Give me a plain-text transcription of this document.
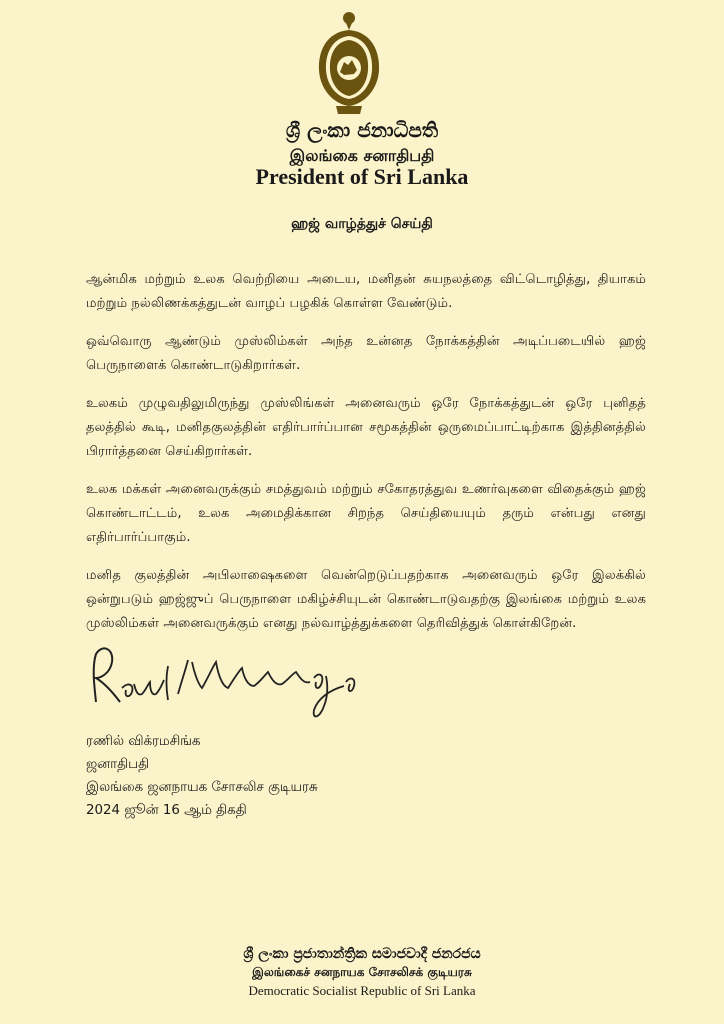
ශ්‍රී ලංකා ජනාධිපති
இலங்கை சனாதிபதி
President of Sri Lanka
ஹஜ் வாழ்த்துச் செய்தி

ஆன்மிக மற்றும் உலக வெற்றியை அடைய, மனிதன் சுயநலத்தை விட்டொழித்து, தியாகம் மற்றும் நல்லிணக்கத்துடன் வாழப் பழகிக் கொள்ள வேண்டும்.

ஒவ்வொரு ஆண்டும் முஸ்லிம்கள் அந்த உன்னத நோக்கத்தின் அடிப்படையில் ஹஜ் பெருநாளைக் கொண்டாடுகிறார்கள்.

உலகம் முழுவதிலுமிருந்து முஸ்லிங்கள் அனைவரும் ஒரே நோக்கத்துடன் ஒரே புனிதத் தலத்தில் கூடி, மனிதகுலத்தின் எதிர்பார்ப்பான சமூகத்தின் ஒருமைப்பாட்டிற்காக இத்தினத்தில் பிரார்த்தனை செய்கிறார்கள்.

உலக மக்கள் அனைவருக்கும் சமத்துவம் மற்றும் சகோதரத்துவ உணர்வுகளை விதைக்கும் ஹஜ் கொண்டாட்டம், உலக அமைதிக்கான சிறந்த செய்தியையும் தரும் என்பது எனது எதிர்பார்ப்பாகும்.

மனித குலத்தின் அபிலாஷைகளை வென்றெடுப்பதற்காக அனைவரும் ஒரே இலக்கில் ஒன்றுபடும் ஹஜ்ஜுப் பெருநாளை மகிழ்ச்சியுடன் கொண்டாடுவதற்கு இலங்கை மற்றும் உலக முஸ்லிம்கள் அனைவருக்கும் எனது நல்வாழ்த்துக்களை தெரிவித்துக் கொள்கிறேன்.

ரணில் விக்ரமசிங்க
ஜனாதிபதி
இலங்கை ஜனநாயக சோசலிச குடியரசு
2024 ஜூன் 16 ஆம் திகதி
ශ්‍රී ලංකා ප්‍රජාතාන්ත්‍රික සමාජවාදී ජනරජය
இலங்கைச் சனநாயக சோசலிசக் குடியரசு
Democratic Socialist Republic of Sri Lanka
